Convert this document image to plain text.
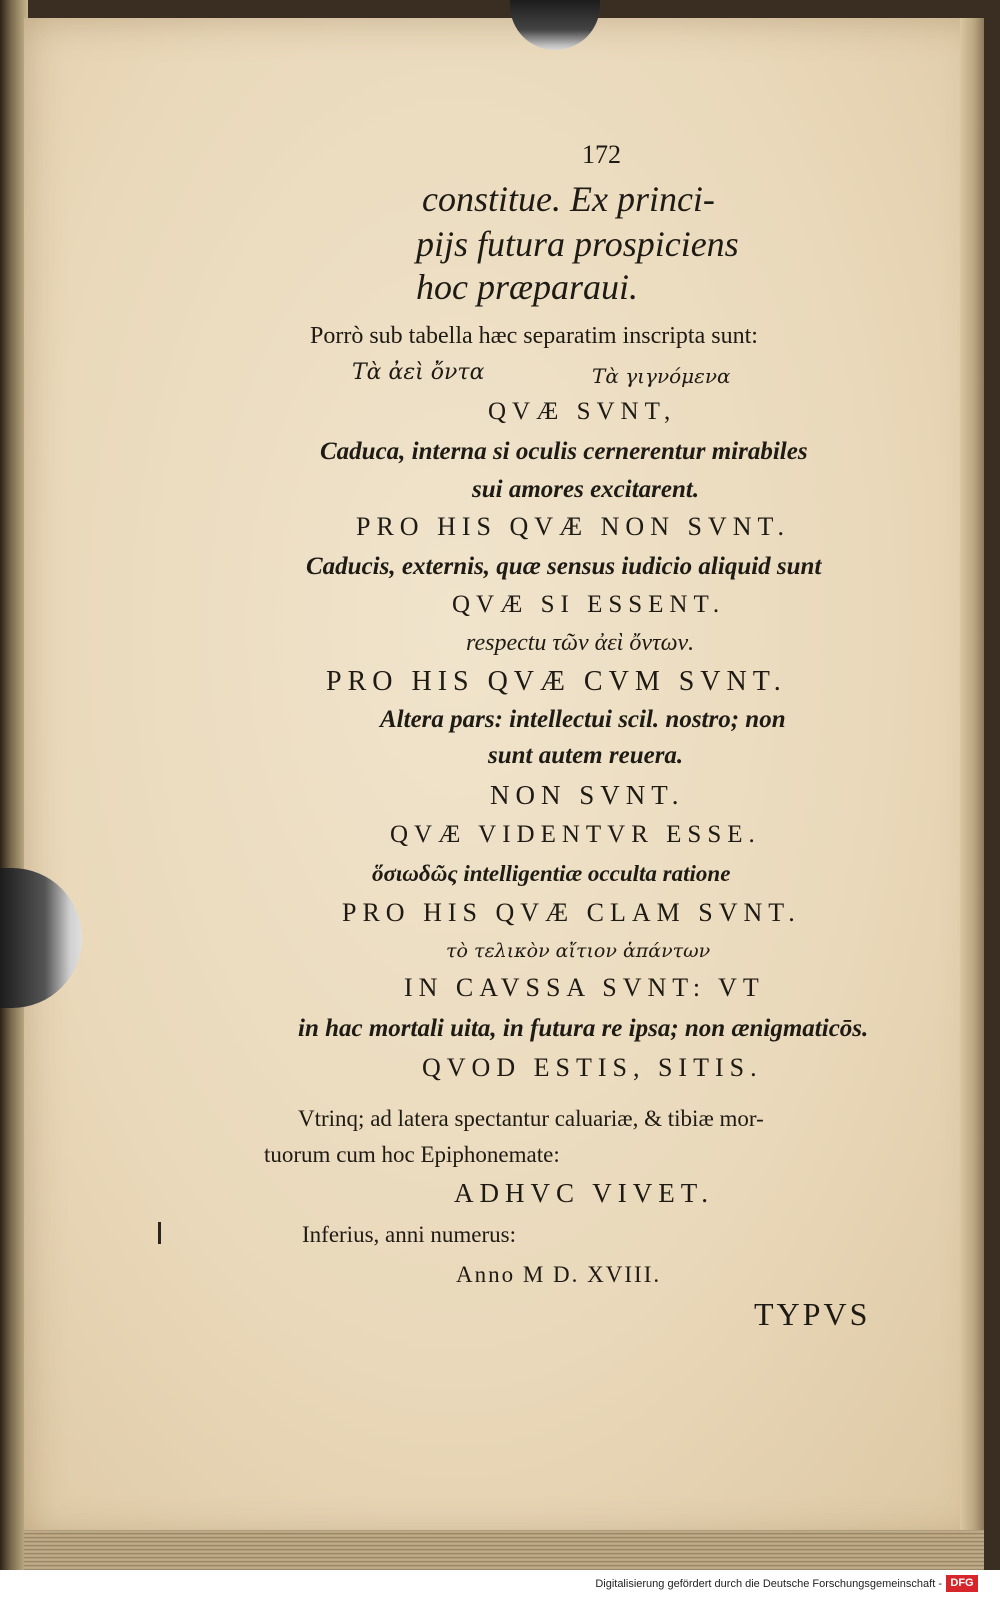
172
constitue. Ex princi-
pijs futura prospiciens
hoc præparaui.
Porrò sub tabella hæc separatim inscripta sunt:
Tὰ ἀεὶ ὄντα	Tὰ γιγνόμενα
QVÆ SVNT,
Caduca, interna si oculis cernerentur mirabiles
sui amores excitarent.
PRO HIS QVÆ NON SVNT.
Caducis, externis, quæ sensus iudicio aliquid sunt
QVÆ SI ESSENT.
respectu τῶν ἀεὶ ὄντων.
PRO HIS QVÆ CVM SVNT.
Altera pars: intellectui scil. nostro; non
sunt autem reuera.
NON SVNT.
QVÆ VIDENTVR ESSE.
ὅσιωδῶς intelligentiæ occulta ratione
PRO HIS QVÆ CLAM SVNT.
τὸ τελικὸν αἴτιον ἁπάντων
IN CAVSSA SVNT: VT
in hac mortali uita, in futura re ipsa; non ænigmaticōs.
QVOD ESTIS, SITIS.
Vtrinq; ad latera spectantur caluariæ, & tibiæ mor-
tuorum cum hoc Epiphonemate:
ADHVC VIVET.
Inferius, anni numerus:
Anno M D. XVIII.
TYPVS
Digitalisierung gefördert durch die Deutsche Forschungsgemeinschaft - DFG
